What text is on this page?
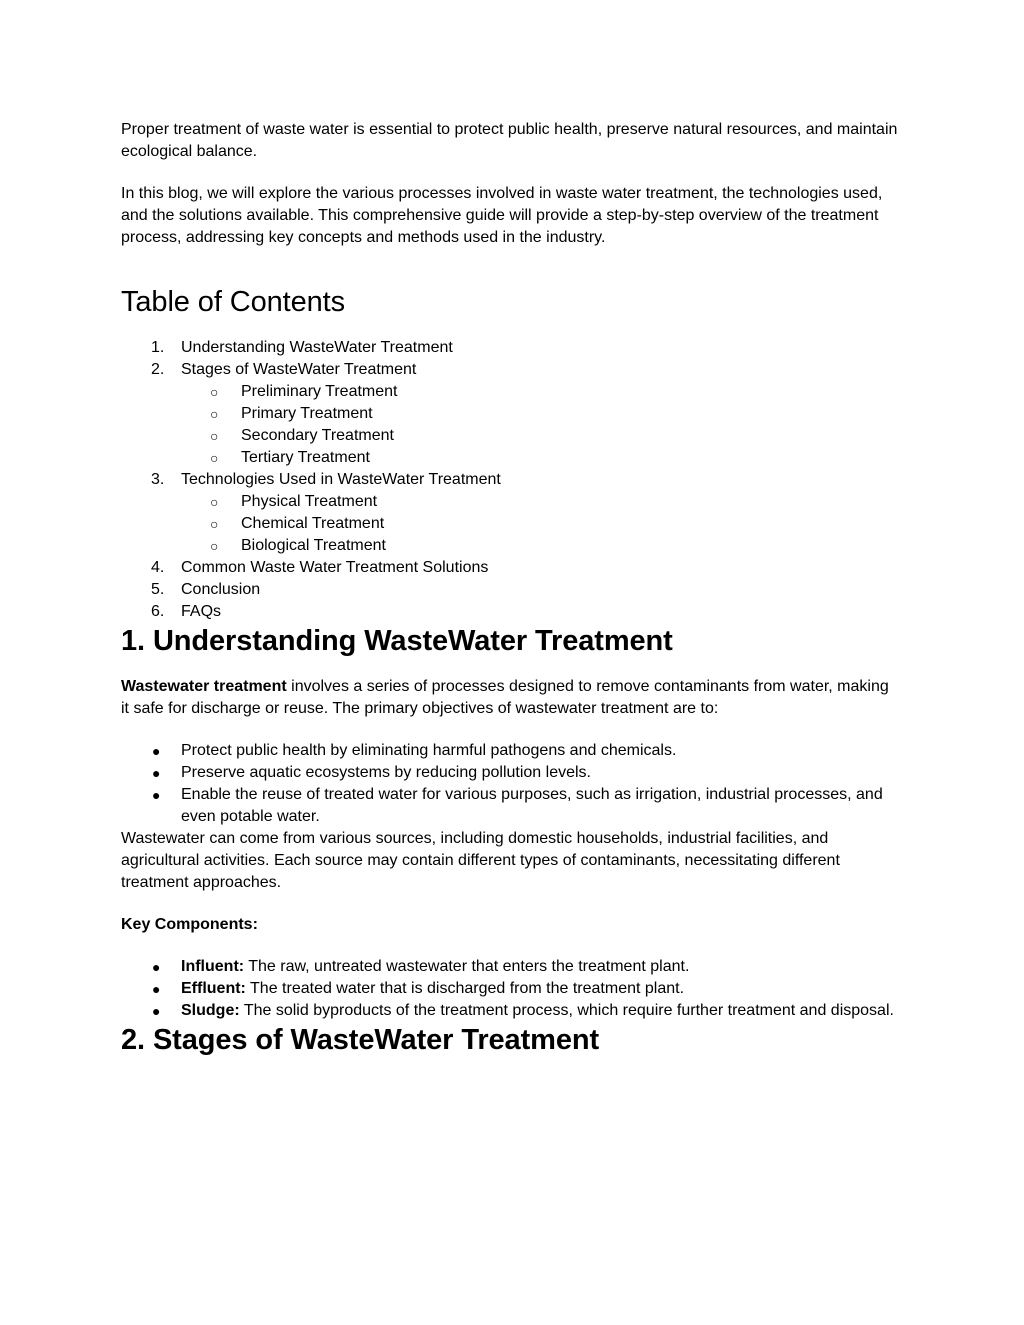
Proper treatment of waste water is essential to protect public health, preserve natural resources, and maintain ecological balance.

In this blog, we will explore the various processes involved in waste water treatment, the technologies used, and the solutions available. This comprehensive guide will provide a step-by-step overview of the treatment process, addressing key concepts and methods used in the industry.

Table of Contents
1. Understanding WasteWater Treatment
2. Stages of WasteWater Treatment
○ Preliminary Treatment
○ Primary Treatment
○ Secondary Treatment
○ Tertiary Treatment
3. Technologies Used in WasteWater Treatment
○ Physical Treatment
○ Chemical Treatment
○ Biological Treatment
4. Common Waste Water Treatment Solutions
5. Conclusion
6. FAQs
1. Understanding WasteWater Treatment

Wastewater treatment involves a series of processes designed to remove contaminants from water, making it safe for discharge or reuse. The primary objectives of wastewater treatment are to:

● Protect public health by eliminating harmful pathogens and chemicals.
● Preserve aquatic ecosystems by reducing pollution levels.
● Enable the reuse of treated water for various purposes, such as irrigation, industrial processes, and even potable water.

Wastewater can come from various sources, including domestic households, industrial facilities, and agricultural activities. Each source may contain different types of contaminants, necessitating different treatment approaches.

Key Components:

● Influent: The raw, untreated wastewater that enters the treatment plant.
● Effluent: The treated water that is discharged from the treatment plant.
● Sludge: The solid byproducts of the treatment process, which require further treatment and disposal.
2. Stages of WasteWater Treatment
